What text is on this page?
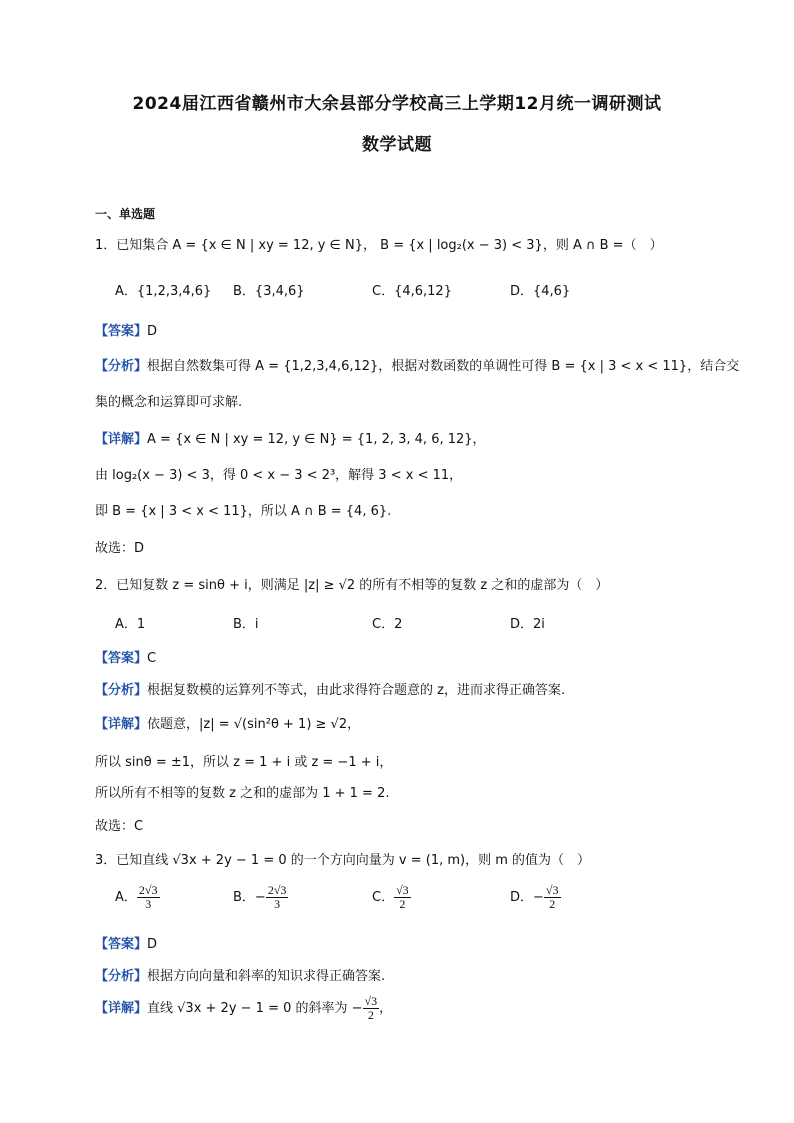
2024届江西省赣州市大余县部分学校高三上学期12月统一调研测试
数学试题
一、单选题
1．已知集合 A = {x ∈ N | xy = 12, y ∈ N}， B = {x | log₂(x − 3) < 3}，则 A ∩ B =（　）
A．{1,2,3,4,6} B．{3,4,6}	C．{4,6,12}	D．{4,6}
【答案】D
【分析】根据自然数集可得 A = {1,2,3,4,6,12}，根据对数函数的单调性可得 B = {x | 3 < x < 11}，结合交
集的概念和运算即可求解.
【详解】A = {x ∈ N | xy = 12, y ∈ N} = {1, 2, 3, 4, 6, 12}，
由 log₂(x − 3) < 3，得 0 < x − 3 < 2³，解得 3 < x < 11，
即 B = {x | 3 < x < 11}，所以 A ∩ B = {4, 6}.
故选：D
2．已知复数 z = sinθ + i，则满足 |z| ≥ √2 的所有不相等的复数 z 之和的虚部为（　）
A．1	B．i	C．2	D．2i
【答案】C
【分析】根据复数模的运算列不等式，由此求得符合题意的 z，进而求得正确答案.
【详解】依题意，|z| = √(sin²θ + 1) ≥ √2，
所以 sinθ = ±1，所以 z = 1 + i 或 z = −1 + i，
所以所有不相等的复数 z 之和的虚部为 1 + 1 = 2.
故选：C
3．已知直线 √3x + 2y − 1 = 0 的一个方向向量为 v = (1, m)，则 m 的值为（　）
A． $\frac{2√3}{3}$	B．− $\frac{2√3}{3}$	C． $\frac{√3}{2}$	D．− $\frac{√3}{2}$
【答案】D
【分析】根据方向向量和斜率的知识求得正确答案.
【详解】直线 √3x + 2y − 1 = 0 的斜率为 − $\frac{√3}{2}$ ，
